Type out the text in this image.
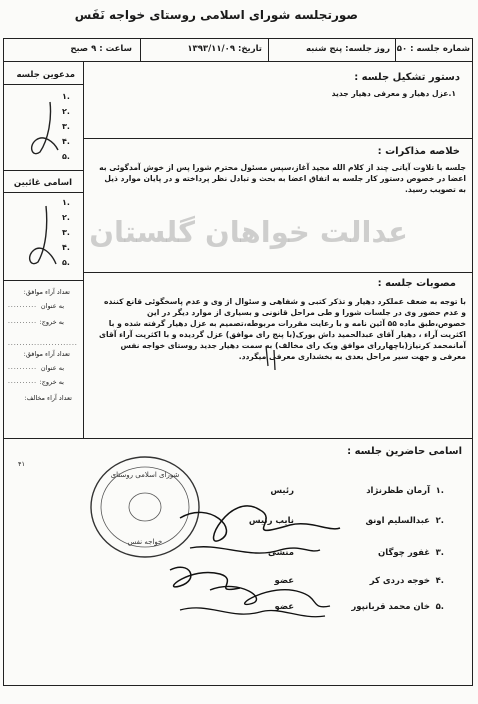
صورتجلسه شورای اسلامی روستای خواجه نَفَس
شماره جلسه : ۵۰
روز جلسه: پنج شنبه
تاریخ: ۱۳۹۳/۱۱/۰۹
ساعت : ۹ صبح
مدعوین جلسه
۱.
۲.
۳.
۴.
۵.
اسامی غائبین
۱.
۲.
۳.
۴.
۵.
تعداد آراء موافق:
به عنوان
..........
به خروج:
..........
........................
تعداد آراء موافق:
به عنوان
..........
به خروج:
..........
تعداد آراء مخالف:
دستور تشکیل جلسه :
۱.عزل دهیار و معرفی دهیار جدید
خلاصه مذاکرات :
جلسه با تلاوت آیاتی چند از کلام الله مجید آغاز،سپس مسئول محترم شورا پس از خوش آمدگوئی به اعضا در خصوص دستور کار جلسه به اتفاق اعضا به بحث و تبادل نظر پرداخته و در پایان موارد ذیل به تصویب رسید.
عدالت خواهان گلستان
مصوبات جلسه :
با توجه به ضعف عملکرد دهیار و تذکر کتبی و شفاهی و سئوال از وی و عدم پاسخگوئی قانع کننده و عدم حضور وی در جلسات شورا و طی مراحل قانونی و بسیاری از موارد دیگر در این خصوص،طبق ماده ۵۵ آئین نامه و با رعایت مقررات مربوطه،تصمیم به عزل دهیار گرفته شده و با اکثریت آراء ، دهیار آقای عبدالحمید داش بورک(با پنج رای موافق) عزل گردیده و با اکثریت آراء آقای آمانمحمد کرنیاز(باچهاررای موافق ویک رای مخالف) به سمت دهیار جدید روستای خواجه نفس معرفی و جهت سیر مراحل بعدی به بخشداری معرفی میگردد.
اسامی حاضرین جلسه :
۴۱
۱.
آرمان طظرنژاد
رئیس
۲.
عبدالسلیم اونق
نایب رئیس
۳.
غفور چوگان
منشی
۴.
خوجه دردی کر
عضو
۵.
خان محمد قربانپور
عضو
شورای اسلامی روستای
خواجه نفس
